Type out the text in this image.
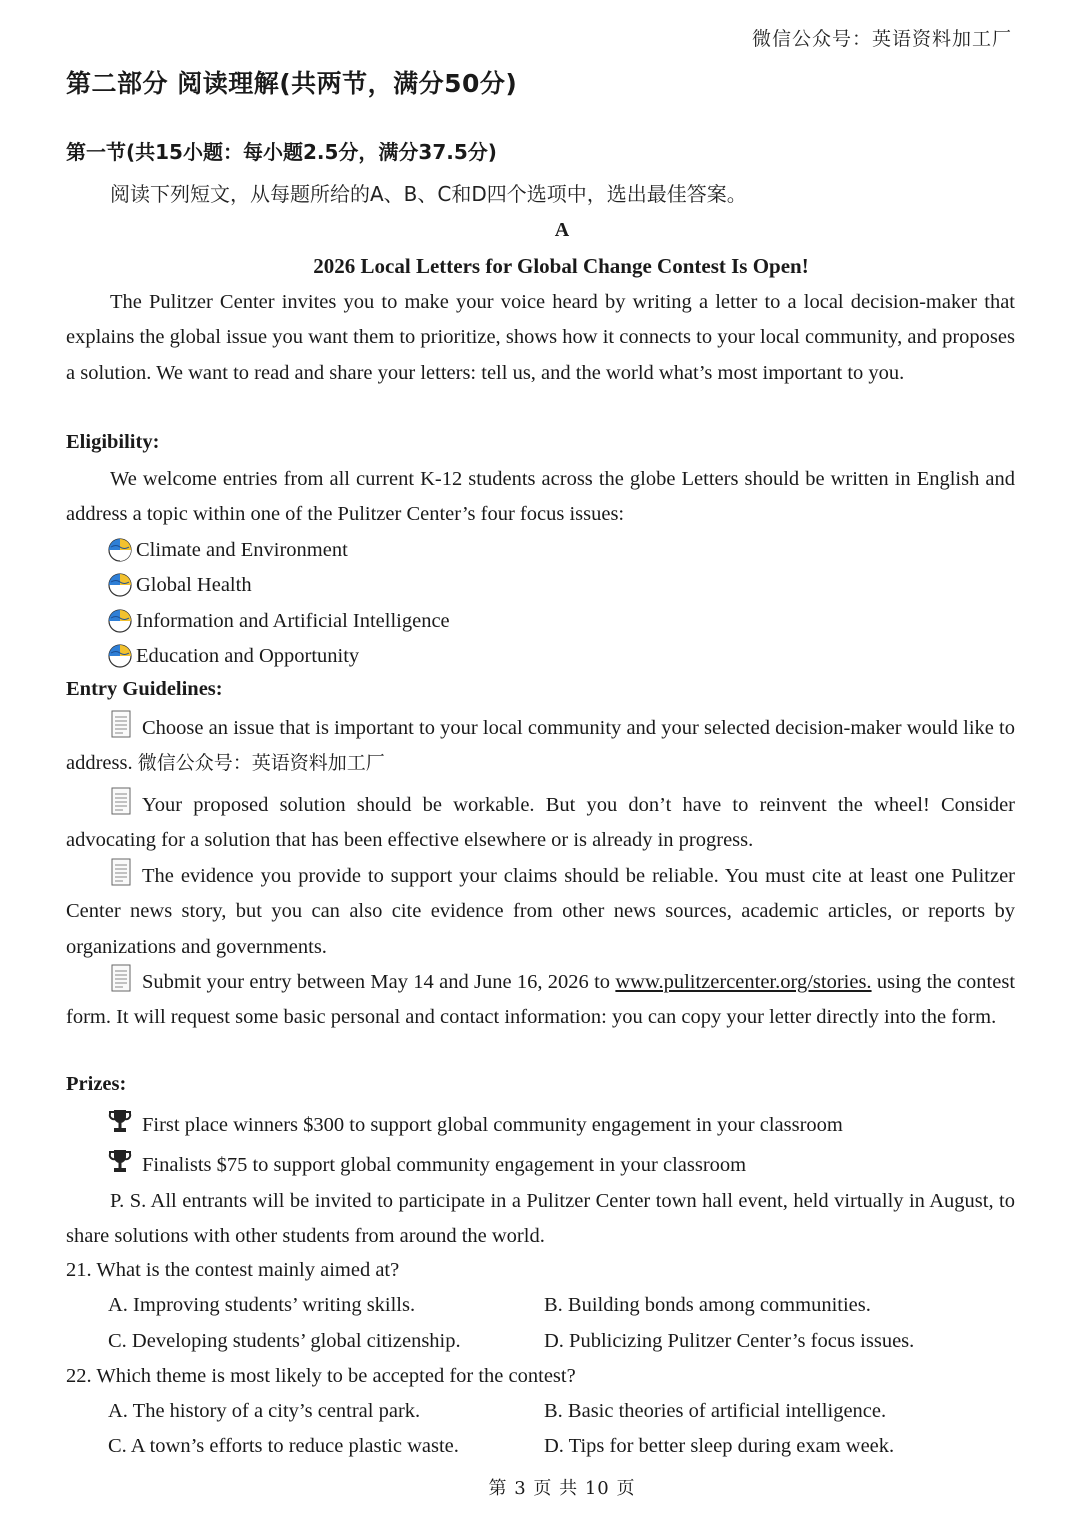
微信公众号：英语资料加工厂
第二部分 阅读理解(共两节，满分50分)
第一节(共15小题：每小题2.5分，满分37.5分)
阅读下列短文，从每题所给的A、B、C和D四个选项中，选出最佳答案。
A
2026 Local Letters for Global Change Contest Is Open!
The Pulitzer Center invites you to make your voice heard by writing a letter to a local decision-maker that explains the global issue you want them to prioritize, shows how it connects to your local community, and proposes a solution. We want to read and share your letters: tell us, and the world what’s most important to you.
Eligibility:
We welcome entries from all current K-12 students across the globe Letters should be written in English and address a topic within one of the Pulitzer Center’s four focus issues:
Climate and Environment
Global Health
Information and Artificial Intelligence
Education and Opportunity
Entry Guidelines:
Choose an issue that is important to your local community and your selected decision-maker would like to address. 微信公众号：英语资料加工厂
Your proposed solution should be workable. But you don’t have to reinvent the wheel! Consider advocating for a solution that has been effective elsewhere or is already in progress.
The evidence you provide to support your claims should be reliable. You must cite at least one Pulitzer Center news story, but you can also cite evidence from other news sources, academic articles, or reports by organizations and governments.
Submit your entry between May 14 and June 16, 2026 to www.pulitzercenter.org/stories. using the contest form. It will request some basic personal and contact information: you can copy your letter directly into the form.
Prizes:
First place winners $300 to support global community engagement in your classroom
Finalists $75 to support global community engagement in your classroom
P. S. All entrants will be invited to participate in a Pulitzer Center town hall event, held virtually in August, to share solutions with other students from around the world.
21. What is the contest mainly aimed at?
A. Improving students’ writing skills.	B. Building bonds among communities.
C. Developing students’ global citizenship.	D. Publicizing Pulitzer Center’s focus issues.
22. Which theme is most likely to be accepted for the contest?
A. The history of a city’s central park.	B. Basic theories of artificial intelligence.
C. A town’s efforts to reduce plastic waste.	D. Tips for better sleep during exam week.
第 3 页 共 10 页
